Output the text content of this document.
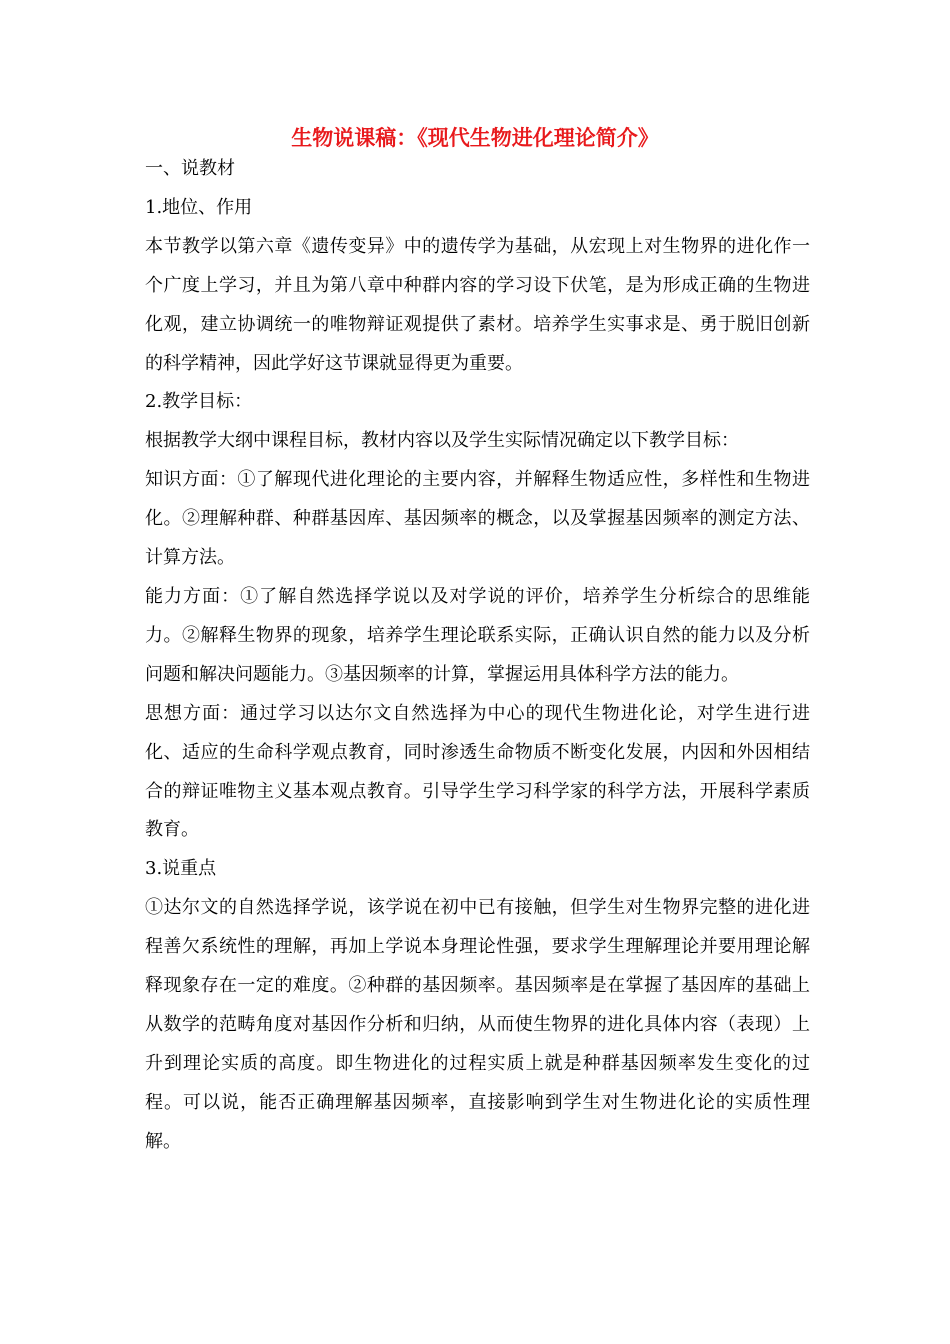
生物说课稿：《现代生物进化理论简介》

一、说教材

1.地位、作用

本节教学以第六章《遗传变异》中的遗传学为基础，从宏现上对生物界的进化作一个广度上学习，并且为第八章中种群内容的学习设下伏笔，是为形成正确的生物进化观，建立协调统一的唯物辩证观提供了素材。培养学生实事求是、勇于脱旧创新的科学精神，因此学好这节课就显得更为重要。

2.教学目标：

根据教学大纲中课程目标，教材内容以及学生实际情况确定以下教学目标：

知识方面：①了解现代进化理论的主要内容，并解释生物适应性，多样性和生物进化。②理解种群、种群基因库、基因频率的概念，以及掌握基因频率的测定方法、计算方法。

能力方面：①了解自然选择学说以及对学说的评价，培养学生分析综合的思维能力。②解释生物界的现象，培养学生理论联系实际，正确认识自然的能力以及分析问题和解决问题能力。③基因频率的计算，掌握运用具体科学方法的能力。

思想方面：通过学习以达尔文自然选择为中心的现代生物进化论，对学生进行进化、适应的生命科学观点教育，同时渗透生命物质不断变化发展，内因和外因相结合的辩证唯物主义基本观点教育。引导学生学习科学家的科学方法，开展科学素质教育。

3.说重点

①达尔文的自然选择学说，该学说在初中已有接触，但学生对生物界完整的进化进程善欠系统性的理解，再加上学说本身理论性强，要求学生理解理论并要用理论解释现象存在一定的难度。②种群的基因频率。基因频率是在掌握了基因库的基础上从数学的范畴角度对基因作分析和归纳，从而使生物界的进化具体内容（表现）上升到理论实质的高度。即生物进化的过程实质上就是种群基因频率发生变化的过程。可以说，能否正确理解基因频率，直接影响到学生对生物进化论的实质性理解。
